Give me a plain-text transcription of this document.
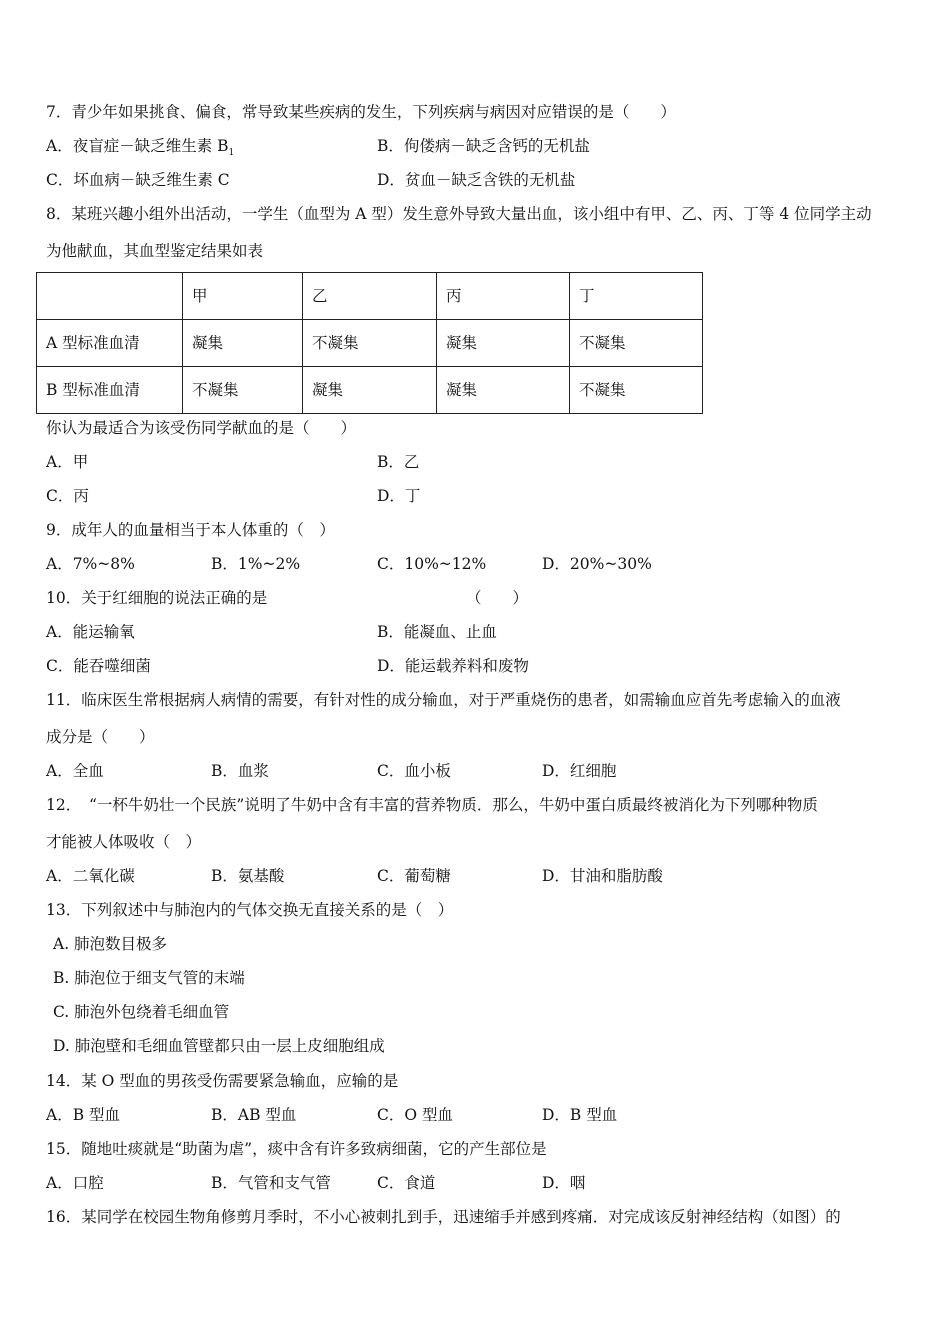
7．青少年如果挑食、偏食，常导致某些疾病的发生，下列疾病与病因对应错误的是（　　）
A．夜盲症－缺乏维生素 $B_1$	B．佝偻病－缺乏含钙的无机盐
C．坏血病－缺乏维生素 C	D．贫血－缺乏含铁的无机盐
8．某班兴趣小组外出活动，一学生（血型为 A 型）发生意外导致大量出血，该小组中有甲、乙、丙、丁等 4 位同学主动
为他献血，其血型鉴定结果如表
	甲	乙	丙	丁
A 型标准血清	凝集	不凝集	凝集	不凝集
B 型标准血清	不凝集	凝集	凝集	不凝集
你认为最适合为该受伤同学献血的是（　　）
A．甲	B．乙
C．丙	D．丁
9．成年人的血量相当于本人体重的（　）
A．7%~8%	B．1%~2%	C．10%~12%	D．20%~30%
10．关于红细胞的说法正确的是	（　　）
A．能运输氧	B．能凝血、止血
C．能吞噬细菌	D．能运载养料和废物
11．临床医生常根据病人病情的需要，有针对性的成分输血，对于严重烧伤的患者，如需输血应首先考虑输入的血液
成分是（　　）
A．全血	B．血浆	C．血小板	D．红细胞
12．　“一杯牛奶壮一个民族”说明了牛奶中含有丰富的营养物质．那么，牛奶中蛋白质最终被消化为下列哪种物质
才能被人体吸收（　）
A．二氧化碳	B．氨基酸	C．葡萄糖	D．甘油和脂肪酸
13．下列叙述中与肺泡内的气体交换无直接关系的是（　）
A. 肺泡数目极多
B. 肺泡位于细支气管的末端
C. 肺泡外包绕着毛细血管
D. 肺泡壁和毛细血管壁都只由一层上皮细胞组成
14．某 O 型血的男孩受伤需要紧急输血，应输的是
A．B 型血	B．AB 型血	C．O 型血	D．B 型血
15．随地吐痰就是“助菌为虐”，痰中含有许多致病细菌，它的产生部位是
A．口腔	B．气管和支气管	C．食道	D．咽
16．某同学在校园生物角修剪月季时，不小心被刺扎到手，迅速缩手并感到疼痛．对完成该反射神经结构（如图）的
